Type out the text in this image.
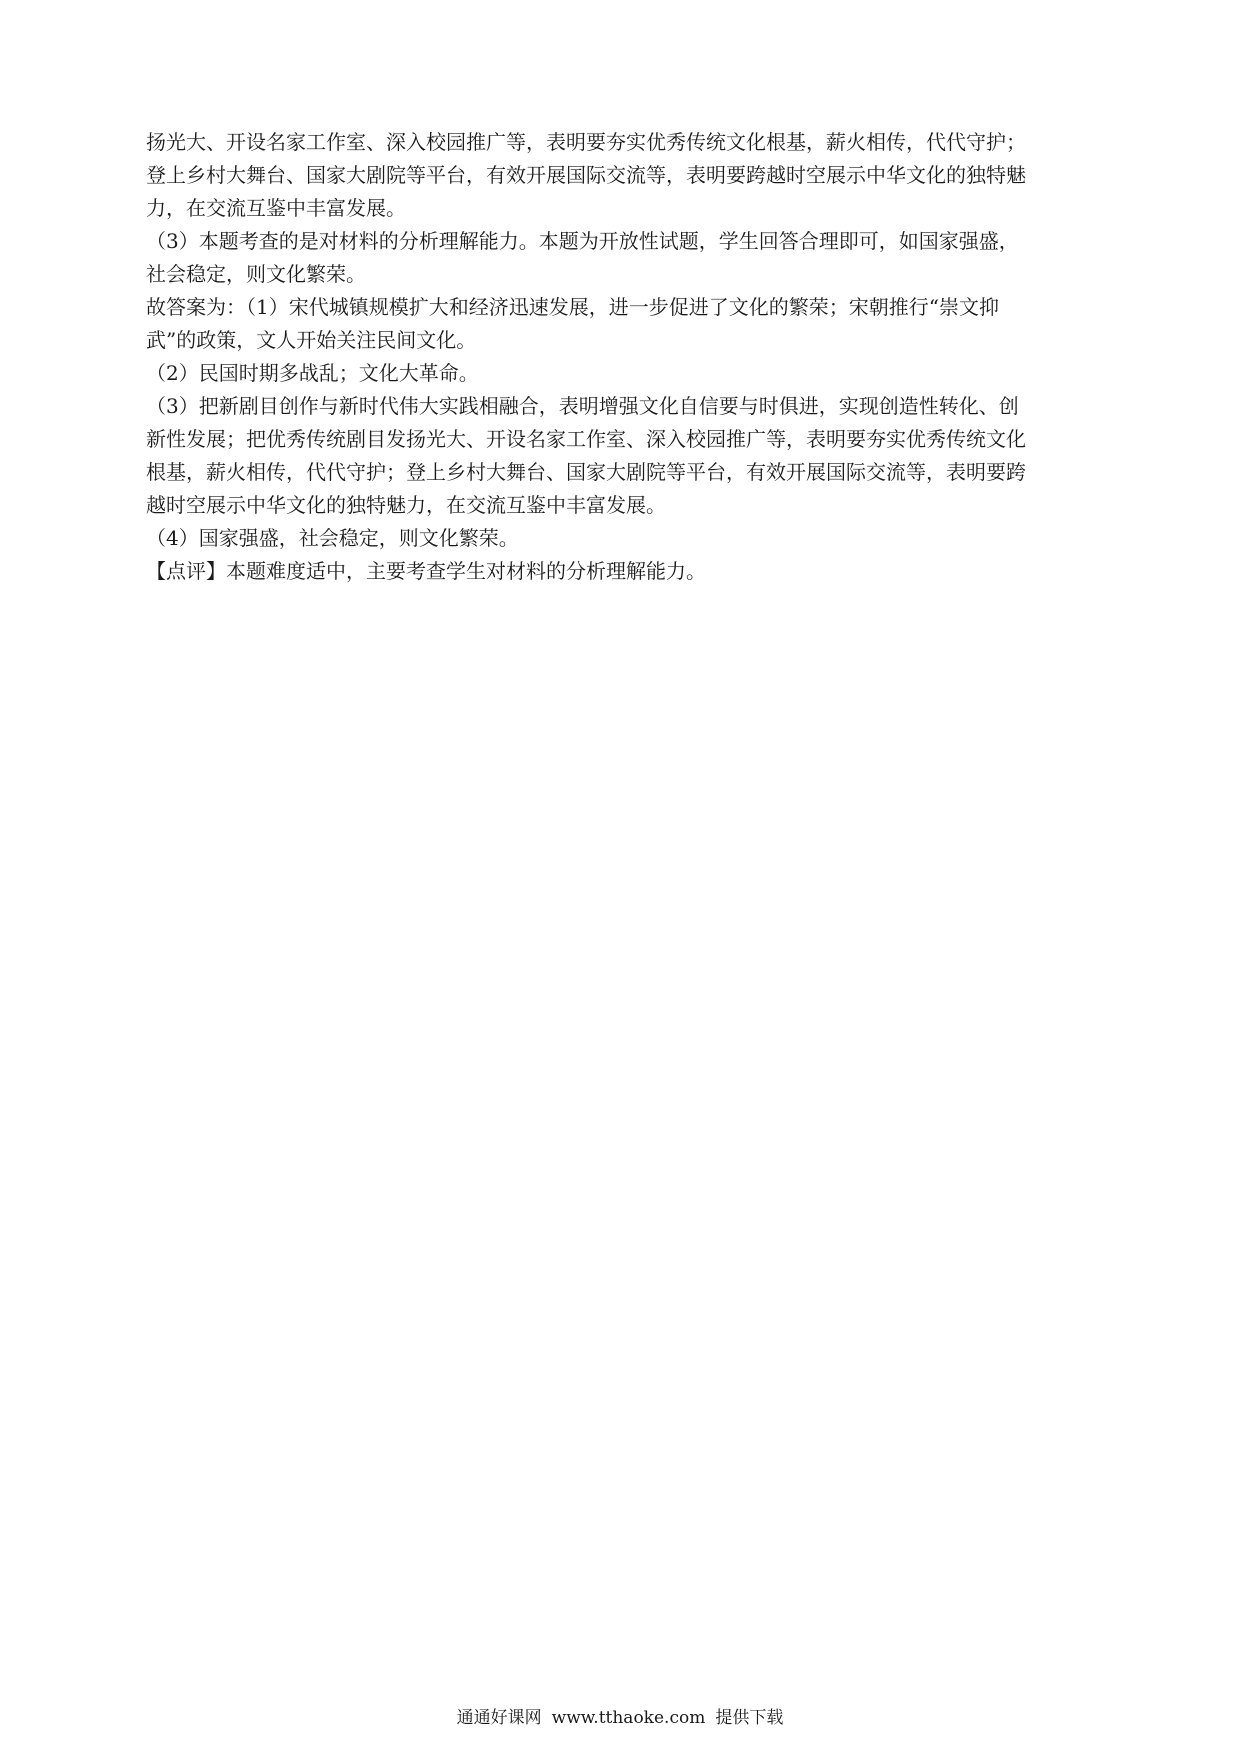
扬光大、开设名家工作室、深入校园推广等，表明要夯实优秀传统文化根基，薪火相传，代代守护；
登上乡村大舞台、国家大剧院等平台，有效开展国际交流等，表明要跨越时空展示中华文化的独特魅
力，在交流互鉴中丰富发展。

（3）本题考查的是对材料的分析理解能力。本题为开放性试题，学生回答合理即可，如国家强盛，
社会稳定，则文化繁荣。

故答案为：（1）宋代城镇规模扩大和经济迅速发展，进一步促进了文化的繁荣；宋朝推行“崇文抑
武”的政策，文人开始关注民间文化。

（2）民国时期多战乱；文化大革命。

（3）把新剧目创作与新时代伟大实践相融合，表明增强文化自信要与时俱进，实现创造性转化、创
新性发展；把优秀传统剧目发扬光大、开设名家工作室、深入校园推广等，表明要夯实优秀传统文化
根基，薪火相传，代代守护；登上乡村大舞台、国家大剧院等平台，有效开展国际交流等，表明要跨
越时空展示中华文化的独特魅力，在交流互鉴中丰富发展。

（4）国家强盛，社会稳定，则文化繁荣。

【点评】本题难度适中，主要考查学生对材料的分析理解能力。

通通好课网 www.tthaoke.com 提供下载
